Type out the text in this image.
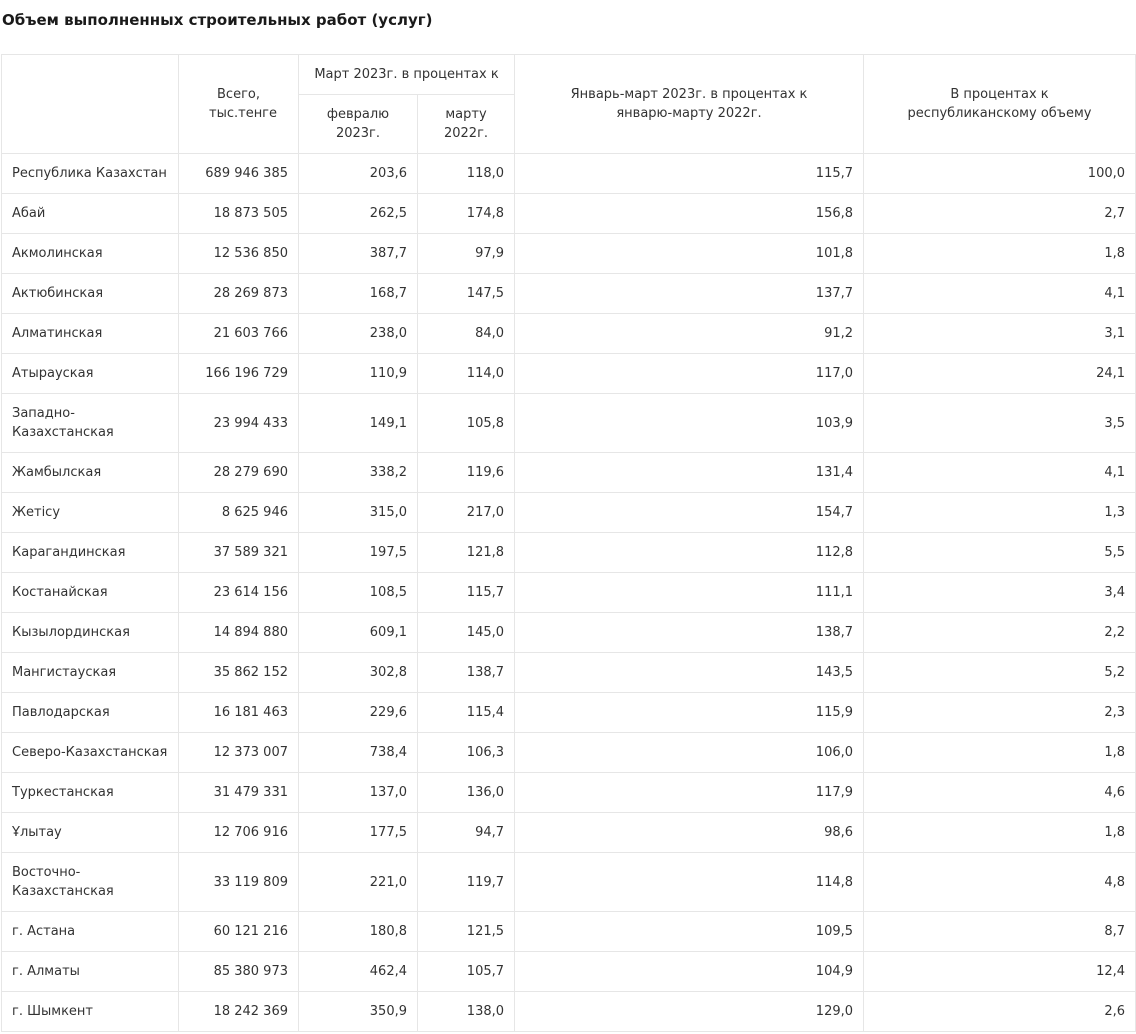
Объем выполненных строительных работ (услуг)
	Всего, тыс.тенге	Март 2023г. в процентах к		Январь-март 2023г. в процентах к январю-марту 2022г.	В процентах к республиканскому объему
		февралю 2023г.	марту 2022г.		
Республика Казахстан	689 946 385	203,6	118,0	115,7	100,0
Абай	18 873 505	262,5	174,8	156,8	2,7
Акмолинская	12 536 850	387,7	97,9	101,8	1,8
Актюбинская	28 269 873	168,7	147,5	137,7	4,1
Алматинская	21 603 766	238,0	84,0	91,2	3,1
Атырауская	166 196 729	110,9	114,0	117,0	24,1
Западно-Казахстанская	23 994 433	149,1	105,8	103,9	3,5
Жамбылская	28 279 690	338,2	119,6	131,4	4,1
Жетісу	8 625 946	315,0	217,0	154,7	1,3
Карагандинская	37 589 321	197,5	121,8	112,8	5,5
Костанайская	23 614 156	108,5	115,7	111,1	3,4
Кызылординская	14 894 880	609,1	145,0	138,7	2,2
Мангистауская	35 862 152	302,8	138,7	143,5	5,2
Павлодарская	16 181 463	229,6	115,4	115,9	2,3
Северо-Казахстанская	12 373 007	738,4	106,3	106,0	1,8
Туркестанская	31 479 331	137,0	136,0	117,9	4,6
Ұлытау	12 706 916	177,5	94,7	98,6	1,8
Восточно-Казахстанская	33 119 809	221,0	119,7	114,8	4,8
г. Астана	60 121 216	180,8	121,5	109,5	8,7
г. Алматы	85 380 973	462,4	105,7	104,9	12,4
г. Шымкент	18 242 369	350,9	138,0	129,0	2,6
